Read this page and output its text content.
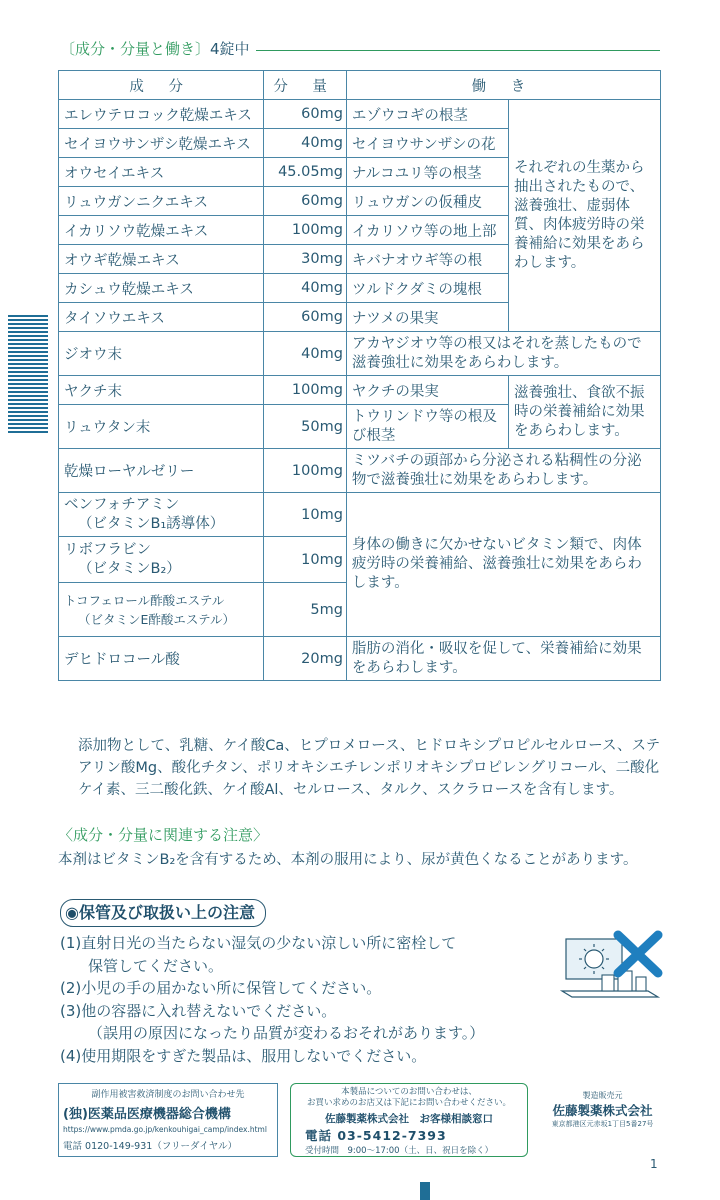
〔成分・分量と働き〕4錠中
成 分	分 量	働 き	
エレウテロコック乾燥エキス	60mg	エゾウコギの根茎	それぞれの生薬から抽出されたもので、滋養強壮、虚弱体質、肉体疲労時の栄養補給に効果をあらわします。
セイヨウサンザシ乾燥エキス	40mg	セイヨウサンザシの花	
オウセイエキス	45.05mg	ナルコユリ等の根茎	
リュウガンニクエキス	60mg	リュウガンの仮種皮	
イカリソウ乾燥エキス	100mg	イカリソウ等の地上部	
オウギ乾燥エキス	30mg	キバナオウギ等の根	
カシュウ乾燥エキス	40mg	ツルドクダミの塊根	
タイソウエキス	60mg	ナツメの果実	
ジオウ末	40mg	アカヤジオウ等の根又はそれを蒸したもので滋養強壮に効果をあらわします。	
ヤクチ末	100mg	ヤクチの果実	滋養強壮、食欲不振時の栄養補給に効果をあらわします。
リュウタン末	50mg	トウリンドウ等の根及び根茎	
乾燥ローヤルゼリー	100mg	ミツバチの頭部から分泌される粘稠性の分泌物で滋養強壮に効果をあらわします。	

ベンフォチアミン
（ビタミンB₁誘導体）	10mg	身体の働きに欠かせないビタミン類で、肉体疲労時の栄養補給、滋養強壮に効果をあらわします。	

リボフラビン
（ビタミンB₂）	10mg		

トコフェロール酢酸エステル
（ビタミンE酢酸エステル）	5mg		
デヒドロコール酸	20mg	脂肪の消化・吸収を促して、栄養補給に効果をあらわします。	
添加物として、乳糖、ケイ酸Ca、ヒプロメロース、ヒドロキシプロピルセルロース、ステアリン酸Mg、酸化チタン、ポリオキシエチレンポリオキシプロピレングリコール、二酸化ケイ素、三二酸化鉄、ケイ酸Al、セルロース、タルク、スクラロースを含有します。
〈成分・分量に関連する注意〉
本剤はビタミンB₂を含有するため、本剤の服用により、尿が黄色くなることがあります。
◉保管及び取扱い上の注意
(1)直射日光の当たらない湿気の少ない涼しい所に密栓して
保管してください。
(2)小児の手の届かない所に保管してください。
(3)他の容器に入れ替えないでください。
（誤用の原因になったり品質が変わるおそれがあります。）
(4)使用期限をすぎた製品は、服用しないでください。
副作用被害救済制度のお問い合わせ先
(独)医薬品医療機器総合機構
https://www.pmda.go.jp/kenkouhigai_camp/index.html
電話 0120-149-931（フリーダイヤル）
本製品についてのお問い合わせは、
お買い求めのお店又は下記にお問い合わせください。
佐藤製薬株式会社　お客様相談窓口
電話 03-5412-7393
受付時間　9:00～17:00（土、日、祝日を除く）
製造販売元
佐藤製薬株式会社
東京都港区元赤坂1丁目5番27号
1
